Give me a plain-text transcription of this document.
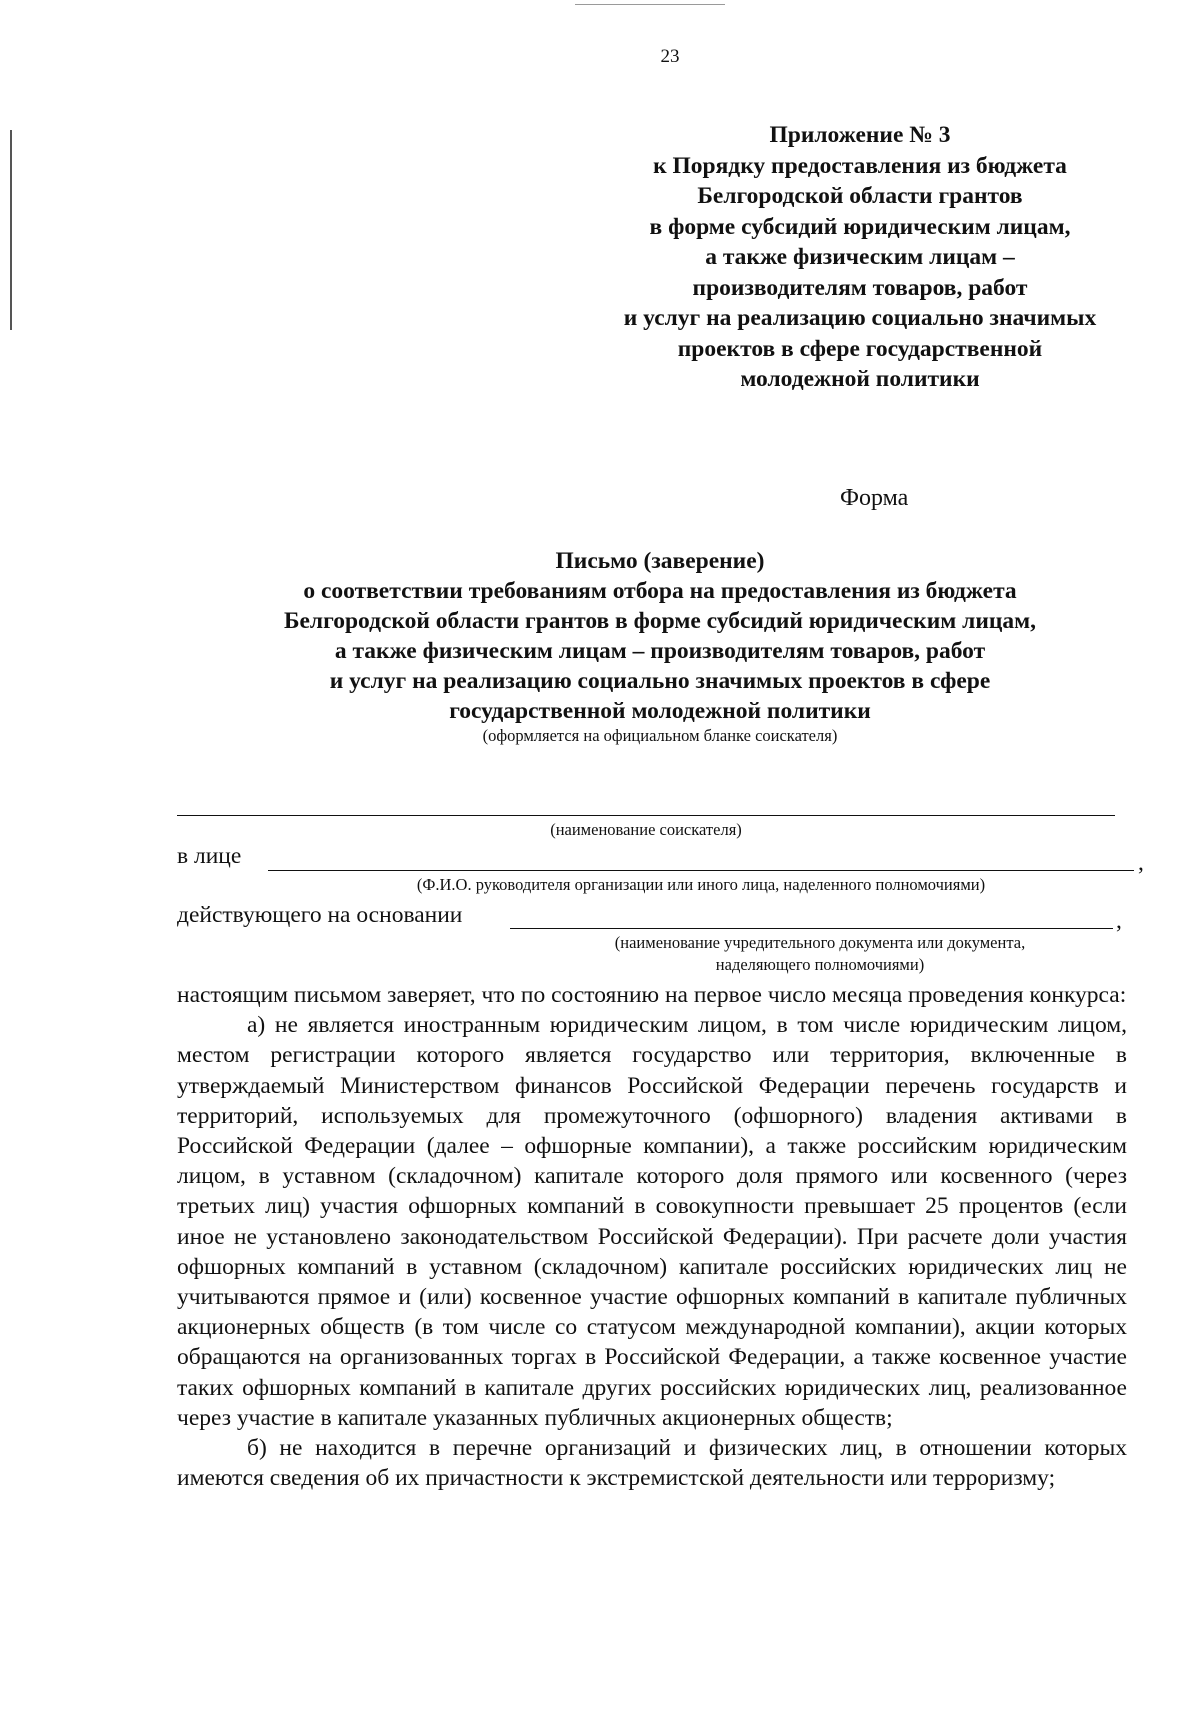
23
Приложение № 3
к Порядку предоставления из бюджета
Белгородской области грантов
в форме субсидий юридическим лицам,
а также физическим лицам –
производителям товаров, работ
и услуг на реализацию социально значимых
проектов в сфере государственной
молодежной политики
Форма
Письмо (заверение)
о соответствии требованиям отбора на предоставления из бюджета
Белгородской области грантов в форме субсидий юридическим лицам,
а также физическим лицам – производителям товаров, работ
и услуг на реализацию социально значимых проектов в сфере
государственной молодежной политики
(оформляется на официальном бланке соискателя)
(наименование соискателя)
в лице	,
(Ф.И.О. руководителя организации или иного лица, наделенного полномочиями)
действующего на основании	,
(наименование учредительного документа или документа,
наделяющего полномочиями)

настоящим письмом заверяет, что по состоянию на первое число месяца проведения конкурса:

а) не является иностранным юридическим лицом, в том числе юридическим лицом, местом регистрации которого является государство или территория, включенные в утверждаемый Министерством финансов Российской Федерации перечень государств и территорий, используемых для промежуточного (офшорного) владения активами в Российской Федерации (далее – офшорные компании), а также российским юридическим лицом, в уставном (складочном) капитале которого доля прямого или косвенного (через третьих лиц) участия офшорных компаний в совокупности превышает 25 процентов (если иное не установлено законодательством Российской Федерации). При расчете доли участия офшорных компаний в уставном (складочном) капитале российских юридических лиц не учитываются прямое и (или) косвенное участие офшорных компаний в капитале публичных акционерных обществ (в том числе со статусом международной компании), акции которых обращаются на организованных торгах в Российской Федерации, а также косвенное участие таких офшорных компаний в капитале других российских юридических лиц, реализованное через участие в капитале указанных публичных акционерных обществ;

б) не находится в перечне организаций и физических лиц, в отношении которых имеются сведения об их причастности к экстремистской деятельности или терроризму;
